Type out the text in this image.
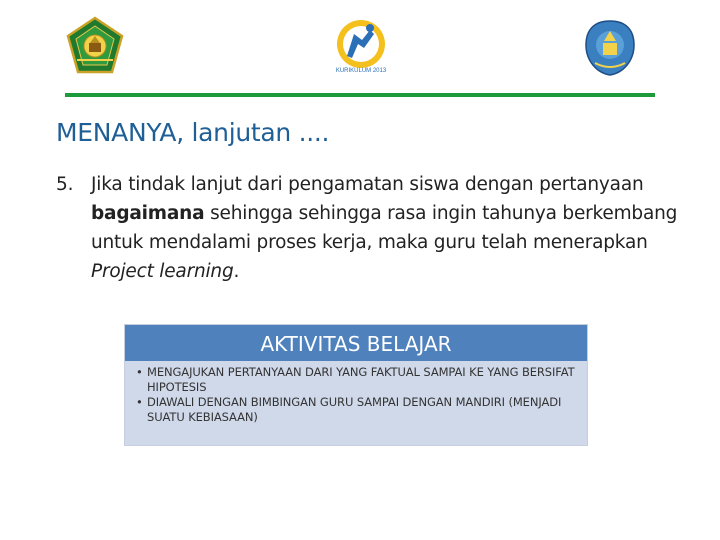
KURIKULUM 2013
MENANYA, lanjutan ....
5. Jika tindak lanjut dari pengamatan siswa dengan pertanyaan bagaimana sehingga sehingga rasa ingin tahunya berkembang untuk mendalami proses kerja, maka guru telah menerapkan Project learning.
AKTIVITAS BELAJAR
• MENGAJUKAN PERTANYAAN DARI YANG FAKTUAL SAMPAI KE YANG BERSIFAT HIPOTESIS
• DIAWALI DENGAN BIMBINGAN GURU SAMPAI DENGAN MANDIRI (MENJADI SUATU KEBIASAAN)
